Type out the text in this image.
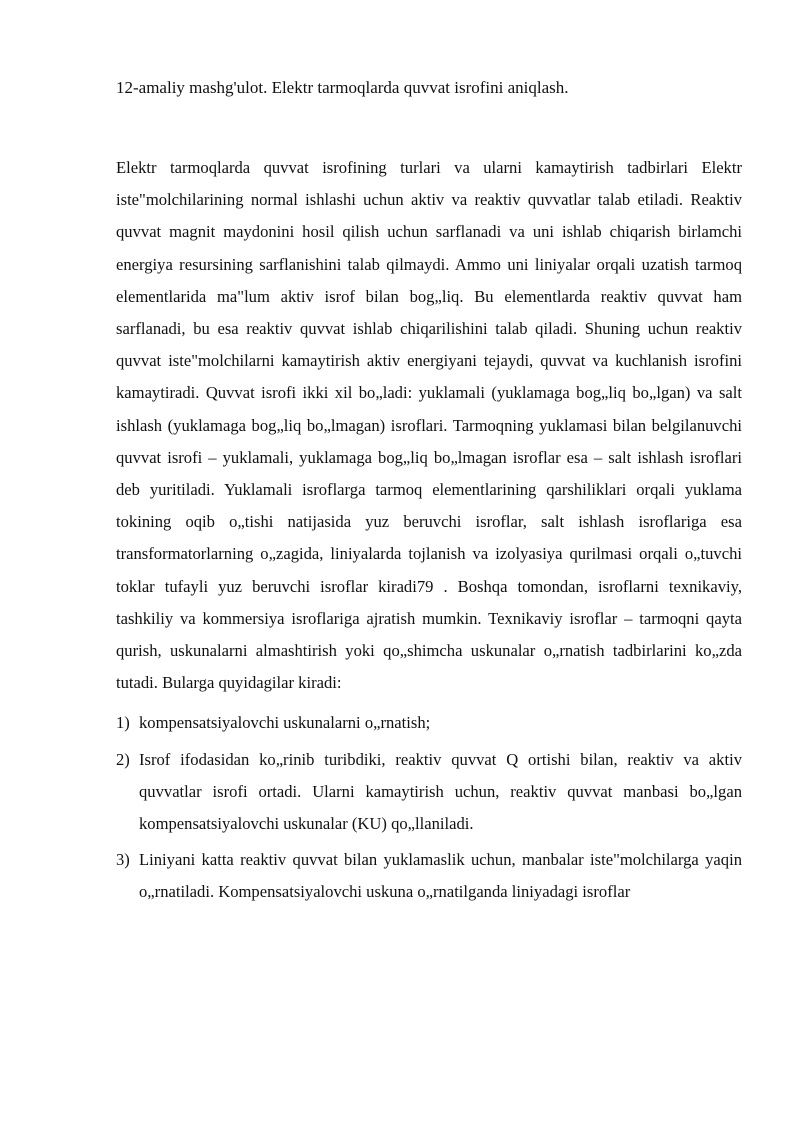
12-amaliy mashg'ulot. Elektr tarmoqlarda quvvat isrofini aniqlash.

Elektr tarmoqlarda quvvat isrofining turlari va ularni kamaytirish tadbirlari Elektr iste"molchilarining normal ishlashi uchun aktiv va reaktiv quvvatlar talab etiladi. Reaktiv quvvat magnit maydonini hosil qilish uchun sarflanadi va uni ishlab chiqarish birlamchi energiya resursining sarflanishini talab qilmaydi. Ammo uni liniyalar orqali uzatish tarmoq elementlarida ma"lum aktiv isrof bilan bog„liq. Bu elementlarda reaktiv quvvat ham sarflanadi, bu esa reaktiv quvvat ishlab chiqarilishini talab qiladi. Shuning uchun reaktiv quvvat iste"molchilarni kamaytirish aktiv energiyani tejaydi, quvvat va kuchlanish isrofini kamaytiradi. Quvvat isrofi ikki xil bo„ladi: yuklamali (yuklamaga bog„liq bo„lgan) va salt ishlash (yuklamaga bog„liq bo„lmagan) isroflari. Tarmoqning yuklamasi bilan belgilanuvchi quvvat isrofi – yuklamali, yuklamaga bog„liq bo„lmagan isroflar esa – salt ishlash isroflari deb yuritiladi. Yuklamali isroflarga tarmoq elementlarining qarshiliklari orqali yuklama tokining oqib o„tishi natijasida yuz beruvchi isroflar, salt ishlash isroflariga esa transformatorlarning o„zagida, liniyalarda tojlanish va izolyasiya qurilmasi orqali o„tuvchi toklar tufayli yuz beruvchi isroflar kiradi79 . Boshqa tomondan, isroflarni texnikaviy, tashkiliy va kommersiya isroflariga ajratish mumkin. Texnikaviy isroflar – tarmoqni qayta qurish, uskunalarni almashtirish yoki qo„shimcha uskunalar o„rnatish tadbirlarini ko„zda tutadi. Bularga quyidagilar kiradi:

1) kompensatsiyalovchi uskunalarni o„rnatish;
2) Isrof ifodasidan ko„rinib turibdiki, reaktiv quvvat Q ortishi bilan, reaktiv va aktiv quvvatlar isrofi ortadi. Ularni kamaytirish uchun, reaktiv quvvat manbasi bo„lgan kompensatsiyalovchi uskunalar (KU) qo„llaniladi.
3) Liniyani katta reaktiv quvvat bilan yuklamaslik uchun, manbalar iste"molchilarga yaqin o„rnatiladi. Kompensatsiyalovchi uskuna o„rnatilganda liniyadagi isroflar
